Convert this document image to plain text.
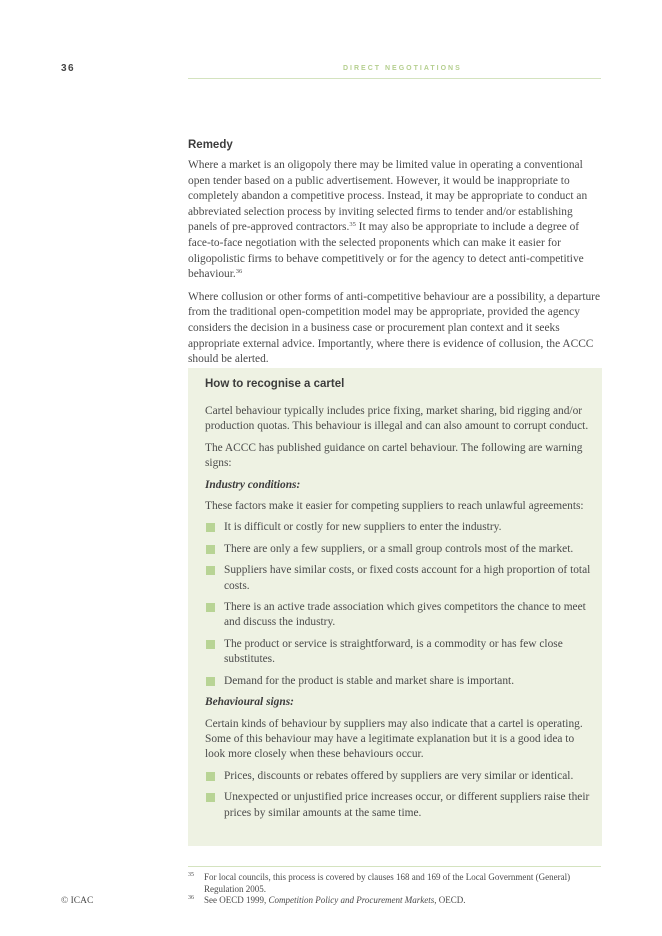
36	DIRECT NEGOTIATIONS
Remedy

Where a market is an oligopoly there may be limited value in operating a conventional open tender based on a public advertisement. However, it would be inappropriate to completely abandon a competitive process. Instead, it may be appropriate to conduct an abbreviated selection process by inviting selected firms to tender and/or establishing panels of pre-approved contractors.$^{35}$ It may also be appropriate to include a degree of face-to-face negotiation with the selected proponents which can make it easier for oligopolistic firms to behave competitively or for the agency to detect anti-competitive behaviour.$^{36}$

Where collusion or other forms of anti-competitive behaviour are a possibility, a departure from the traditional open-competition model may be appropriate, provided the agency considers the decision in a business case or procurement plan context and it seeks appropriate external advice. Importantly, where there is evidence of collusion, the ACCC should be alerted.

How to recognise a cartel

Cartel behaviour typically includes price fixing, market sharing, bid rigging and/or production quotas. This behaviour is illegal and can also amount to corrupt conduct.

The ACCC has published guidance on cartel behaviour. The following are warning signs:

Industry conditions:

These factors make it easier for competing suppliers to reach unlawful agreements:

It is difficult or costly for new suppliers to enter the industry.
There are only a few suppliers, or a small group controls most of the market.
Suppliers have similar costs, or fixed costs account for a high proportion of total costs.
There is an active trade association which gives competitors the chance to meet and discuss the industry.
The product or service is straightforward, is a commodity or has few close substitutes.
Demand for the product is stable and market share is important.

Behavioural signs:

Certain kinds of behaviour by suppliers may also indicate that a cartel is operating. Some of this behaviour may have a legitimate explanation but it is a good idea to look more closely when these behaviours occur.

Prices, discounts or rebates offered by suppliers are very similar or identical.
Unexpected or unjustified price increases occur, or different suppliers raise their prices by similar amounts at the same time.
35 For local councils, this process is covered by clauses 168 and 169 of the Local Government (General) Regulation 2005.
36 See OECD 1999, Competition Policy and Procurement Markets, OECD.
© ICAC
